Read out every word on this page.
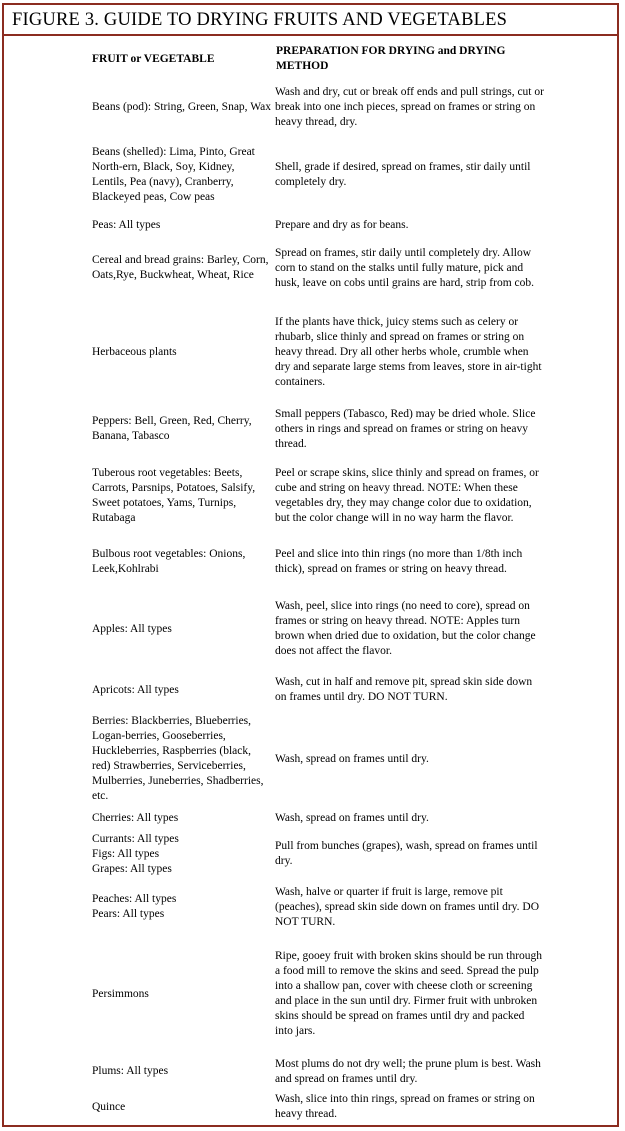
FIGURE 3. GUIDE TO DRYING FRUITS AND VEGETABLES
FRUIT or VEGETABLE
PREPARATION FOR DRYING and DRYING METHOD
Beans (pod): String, Green, Snap, Wax
Wash and dry, cut or break off ends and pull strings, cut or break into one inch pieces, spread on frames or string on heavy thread, dry.
Beans (shelled): Lima, Pinto, Great North-ern, Black, Soy, Kidney, Lentils, Pea (navy), Cranberry, Blackeyed peas, Cow peas
Shell, grade if desired, spread on frames, stir daily until completely dry.
Peas: All types	Prepare and dry as for beans.
Cereal and bread grains: Barley, Corn, Oats,Rye, Buckwheat, Wheat, Rice
Spread on frames, stir daily until completely dry. Allow corn to stand on the stalks until fully mature, pick and husk, leave on cobs until grains are hard, strip from cob.
Herbaceous plants
If the plants have thick, juicy stems such as celery or rhubarb, slice thinly and spread on frames or string on heavy thread. Dry all other herbs whole, crumble when dry and separate large stems from leaves, store in air-tight containers.
Peppers: Bell, Green, Red, Cherry, Banana, Tabasco
Small peppers (Tabasco, Red) may be dried whole. Slice others in rings and spread on frames or string on heavy thread.
Tuberous root vegetables: Beets, Carrots, Parsnips, Potatoes, Salsify, Sweet potatoes, Yams, Turnips, Rutabaga
Peel or scrape skins, slice thinly and spread on frames, or cube and string on heavy thread. NOTE: When these vegetables dry, they may change color due to oxidation, but the color change will in no way harm the flavor.
Bulbous root vegetables: Onions, Leek,Kohlrabi
Peel and slice into thin rings (no more than 1/8th inch thick), spread on frames or string on heavy thread.
Apples: All types
Wash, peel, slice into rings (no need to core), spread on frames or string on heavy thread. NOTE: Apples turn brown when dried due to oxidation, but the color change does not affect the flavor.
Apricots: All types
Wash, cut in half and remove pit, spread skin side down on frames until dry. DO NOT TURN.
Berries: Blackberries, Blueberries, Logan-berries, Gooseberries, Huckleberries, Raspberries (black, red) Strawberries, Serviceberries, Mulberries, Juneberries, Shadberries, etc.
Wash, spread on frames until dry.
Cherries: All types	Wash, spread on frames until dry.
Currants: All types
Figs: All types
Grapes: All types
Pull from bunches (grapes), wash, spread on frames until dry.
Peaches: All types
Pears: All types
Wash, halve or quarter if fruit is large, remove pit (peaches), spread skin side down on frames until dry. DO NOT TURN.
Persimmons
Ripe, gooey fruit with broken skins should be run through a food mill to remove the skins and seed. Spread the pulp into a shallow pan, cover with cheese cloth or screening and place in the sun until dry. Firmer fruit with unbroken skins should be spread on frames until dry and packed into jars.
Plums: All types
Most plums do not dry well; the prune plum is best. Wash and spread on frames until dry.
Quince
Wash, slice into thin rings, spread on frames or string on heavy thread.
